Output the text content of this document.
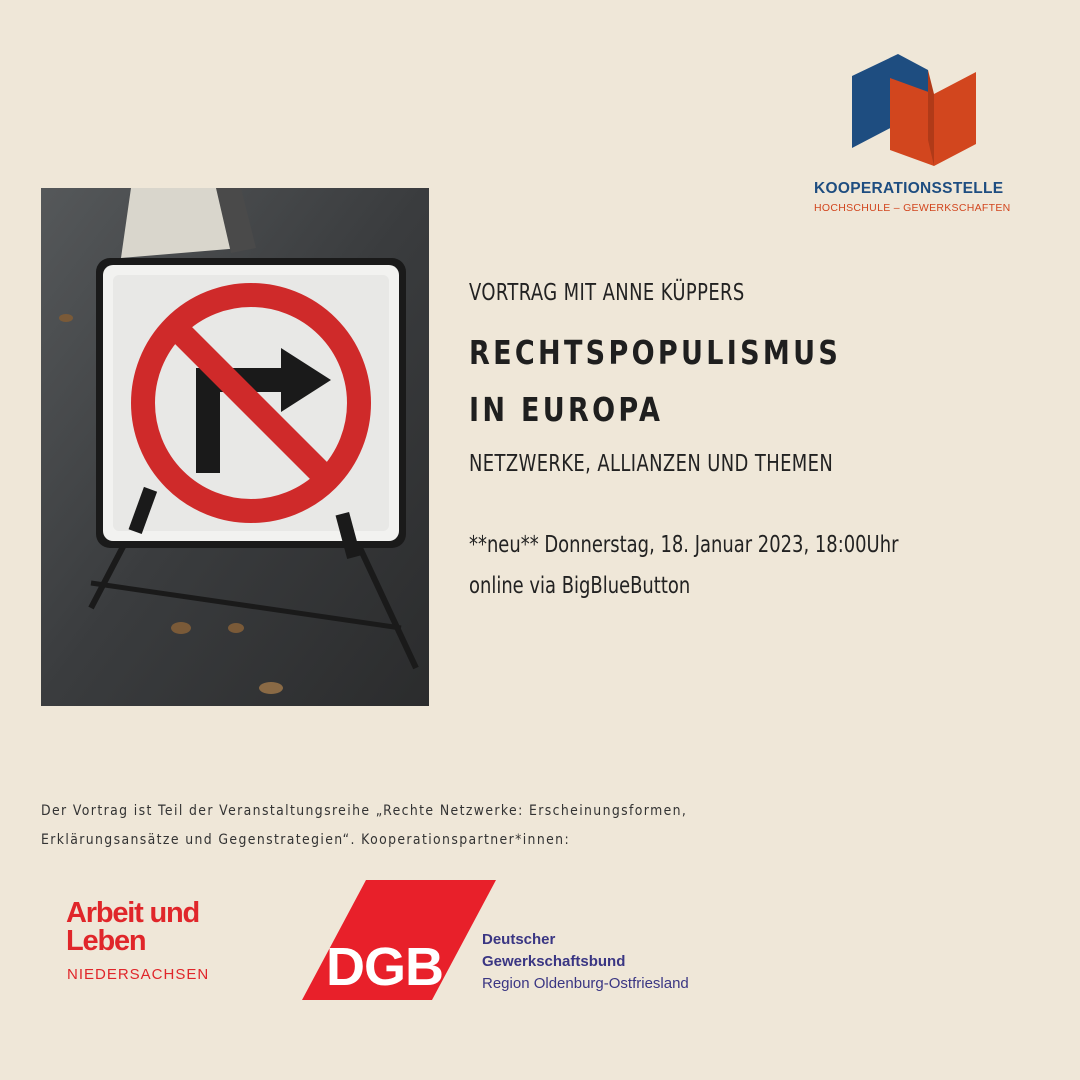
KOOPERATIONSSTELLE
HOCHSCHULE – GEWERKSCHAFTEN
VORTRAG MIT ANNE KÜPPERS
RECHTSPOPULISMUS
IN EUROPA
NETZWERKE, ALLIANZEN UND THEMEN
**neu** Donnerstag, 18. Januar 2023, 18:00Uhr
online via BigBlueButton
Der Vortrag ist Teil der Veranstaltungsreihe „Rechte Netzwerke: Erscheinungsformen,
Erklärungsansätze und Gegenstrategien“. Kooperationspartner*innen:
Arbeit und
Leben
NIEDERSACHSEN DGB	Deutscher
Gewerkschaftsbund
Region Oldenburg-Ostfriesland
